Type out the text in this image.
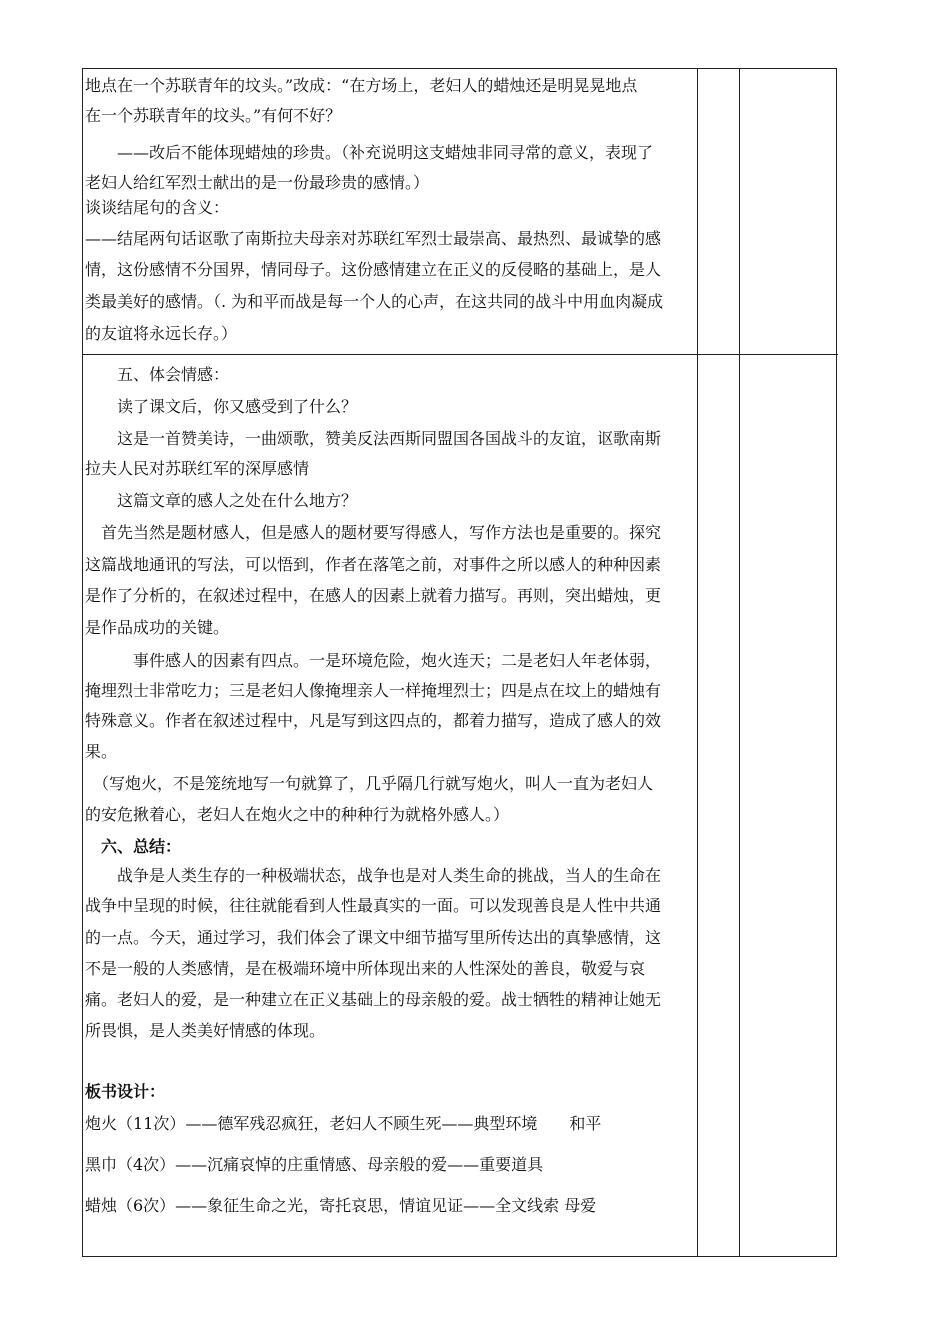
地点在一个苏联青年的坟头。”改成：“在方场上，老妇人的蜡烛还是明晃晃地点
在一个苏联青年的坟头。”有何不好？
　　——改后不能体现蜡烛的珍贵。（补充说明这支蜡烛非同寻常的意义，表现了
老妇人给红军烈士献出的是一份最珍贵的感情。）
谈谈结尾句的含义：
——结尾两句话讴歌了南斯拉夫母亲对苏联红军烈士最崇高、最热烈、最诚挚的感
情，这份感情不分国界，情同母子。这份感情建立在正义的反侵略的基础上，是人
类最美好的感情。（. 为和平而战是每一个人的心声，在这共同的战斗中用血肉凝成
的友谊将永远长存。）
　　五、体会情感：
　　读了课文后，你又感受到了什么？
　　这是一首赞美诗，一曲颂歌，赞美反法西斯同盟国各国战斗的友谊，讴歌南斯
拉夫人民对苏联红军的深厚感情
　　这篇文章的感人之处在什么地方？
　首先当然是题材感人，但是感人的题材要写得感人，写作方法也是重要的。探究
这篇战地通讯的写法，可以悟到，作者在落笔之前，对事件之所以感人的种种因素
是作了分析的，在叙述过程中，在感人的因素上就着力描写。再则，突出蜡烛，更
是作品成功的关键。
　　　事件感人的因素有四点。一是环境危险，炮火连天；二是老妇人年老体弱，
掩埋烈士非常吃力；三是老妇人像掩埋亲人一样掩埋烈士；四是点在坟上的蜡烛有
特殊意义。作者在叙述过程中，凡是写到这四点的，都着力描写，造成了感人的效
果。
　（写炮火，不是笼统地写一句就算了，几乎隔几行就写炮火，叫人一直为老妇人
的安危揪着心，老妇人在炮火之中的种种行为就格外感人。）
　六、总结：
　　战争是人类生存的一种极端状态，战争也是对人类生命的挑战，当人的生命在
战争中呈现的时候，往往就能看到人性最真实的一面。可以发现善良是人性中共通
的一点。今天，通过学习，我们体会了课文中细节描写里所传达出的真挚感情，这
不是一般的人类感情，是在极端环境中所体现出来的人性深处的善良，敬爱与哀
痛。老妇人的爱，是一种建立在正义基础上的母亲般的爱。战士牺牲的精神让她无
所畏惧，是人类美好情感的体现。
板书设计：
炮火（11次）——德军残忍疯狂，老妇人不顾生死——典型环境　　和平
黑巾（4次）——沉痛哀悼的庄重情感、母亲般的爱——重要道具
蜡烛（6次）——象征生命之光，寄托哀思，情谊见证——全文线索 母爱
